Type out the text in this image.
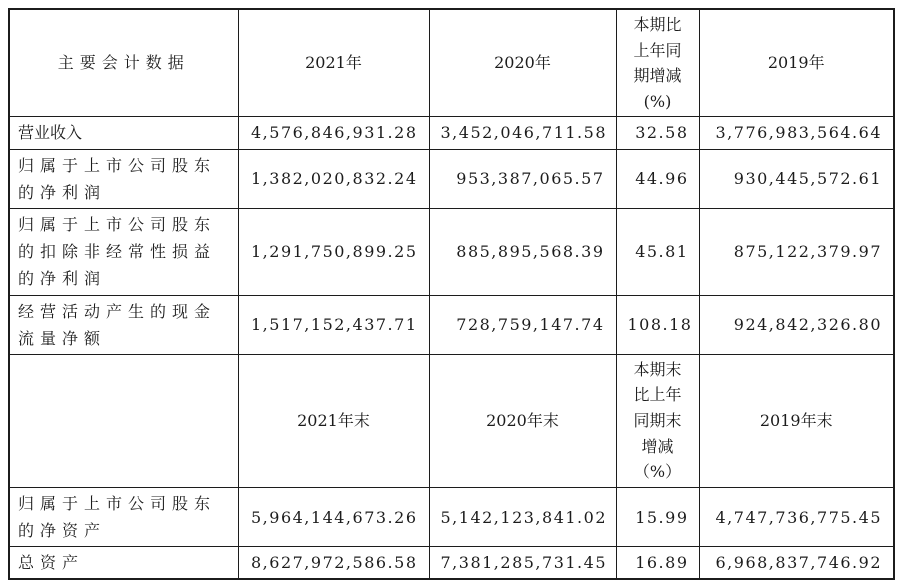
主要会计数据	2021年	2020年	本期比上年同期增减(%)	2019年
营业收入	4,576,846,931.28	3,452,046,711.58	32.58	3,776,983,564.64
归属于上市公司股东的净利润	1,382,020,832.24	953,387,065.57	44.96	930,445,572.61
归属于上市公司股东的扣除非经常性损益的净利润	1,291,750,899.25	885,895,568.39	45.81	875,122,379.97
经营活动产生的现金流量净额	1,517,152,437.71	728,759,147.74	108.18	924,842,326.80
	2021年末	2020年末	本期末比上年同期末增减（%）	2019年末
归属于上市公司股东的净资产	5,964,144,673.26	5,142,123,841.02	15.99	4,747,736,775.45
总资产	8,627,972,586.58	7,381,285,731.45	16.89	6,968,837,746.92
